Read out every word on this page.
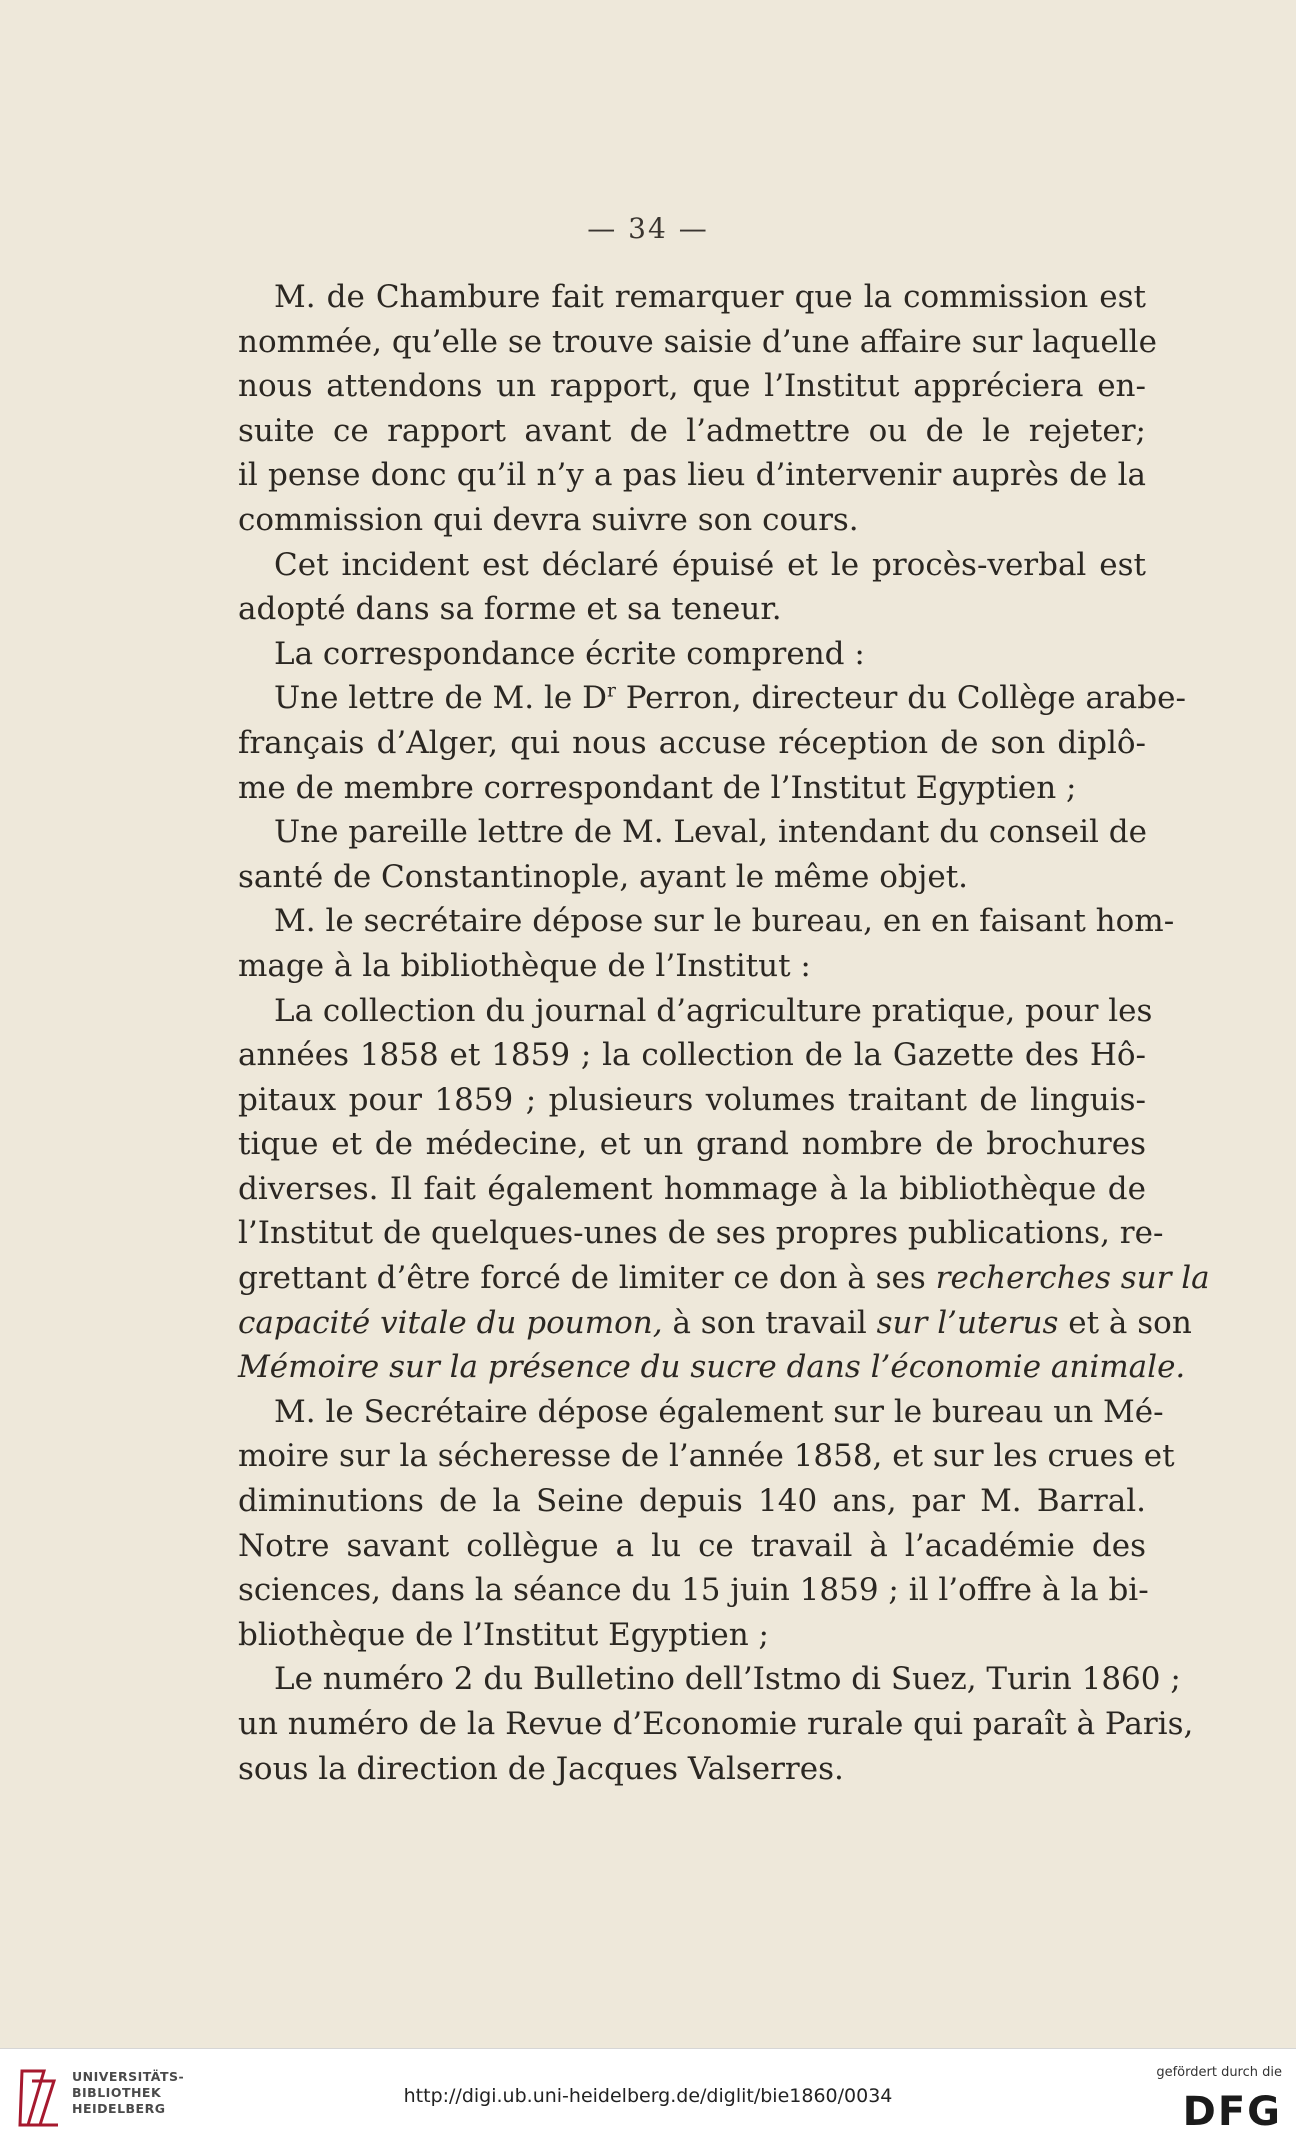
— 34 —

M. de Chambure fait remarquer que la commission est
nommée, qu’elle se trouve saisie d’une affaire sur laquelle
nous attendons un rapport, que l’Institut appréciera en-
suite ce rapport avant de l’admettre ou de le rejeter;
il pense donc qu’il n’y a pas lieu d’intervenir auprès de la
commission qui devra suivre son cours.

Cet incident est déclaré épuisé et le procès-verbal est
adopté dans sa forme et sa teneur.

La correspondance écrite comprend :

Une lettre de M. le $D^r$ Perron, directeur du Collège arabe-
français d’Alger, qui nous accuse réception de son diplô-
me de membre correspondant de l’Institut Egyptien ;

Une pareille lettre de M. Leval, intendant du conseil de
santé de Constantinople, ayant le même objet.

M. le secrétaire dépose sur le bureau, en en faisant hom-
mage à la bibliothèque de l’Institut :

La collection du journal d’agriculture pratique, pour les
années 1858 et 1859 ; la collection de la Gazette des Hô-
pitaux pour 1859 ; plusieurs volumes traitant de linguis-
tique et de médecine, et un grand nombre de brochures
diverses. Il fait également hommage à la bibliothèque de
l’Institut de quelques-unes de ses propres publications, re-
grettant d’être forcé de limiter ce don à ses recherches sur la
capacité vitale du poumon, à son travail sur l’uterus et à son
Mémoire sur la présence du sucre dans l’économie animale.

M. le Secrétaire dépose également sur le bureau un Mé-
moire sur la sécheresse de l’année 1858, et sur les crues et
diminutions de la Seine depuis 140 ans, par M. Barral.
Notre savant collègue a lu ce travail à l’académie des
sciences, dans la séance du 15 juin 1859 ; il l’offre à la bi-
bliothèque de l’Institut Egyptien ;

Le numéro 2 du Bulletino dell’Istmo di Suez, Turin 1860 ;
un numéro de la Revue d’Economie rurale qui paraît à Paris,
sous la direction de Jacques Valserres.

UNIVERSITÄTS-
BIBLIOTHEK
HEIDELBERG
http://digi.ub.uni-heidelberg.de/diglit/bie1860/0034
gefördert durch die
DFG
